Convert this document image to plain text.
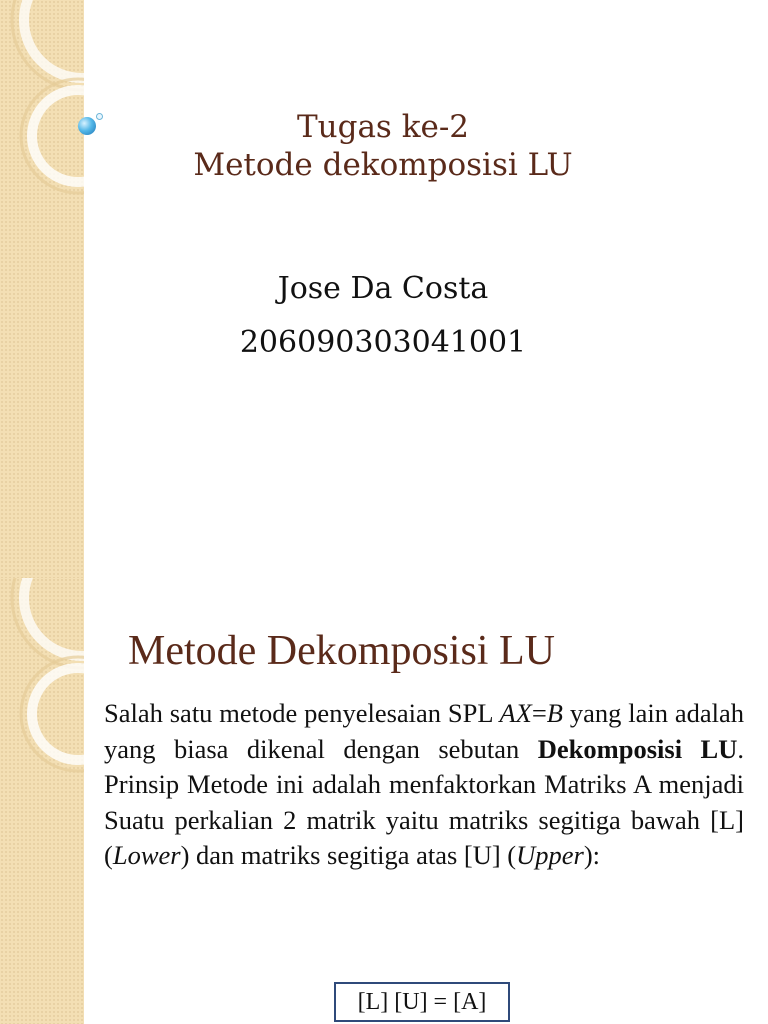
Tugas ke-2
Metode dekomposisi LU
Jose Da Costa
206090303041001
Metode Dekomposisi LU
Salah satu metode penyelesaian SPL AX=B yang lain adalah yang biasa dikenal dengan sebutan Dekomposisi LU. Prinsip Metode ini adalah menfaktorkan Matriks A menjadi Suatu perkalian 2 matrik yaitu matriks segitiga bawah [L] (Lower) dan matriks segitiga atas [U] (Upper):
[L] [U] = [A]
